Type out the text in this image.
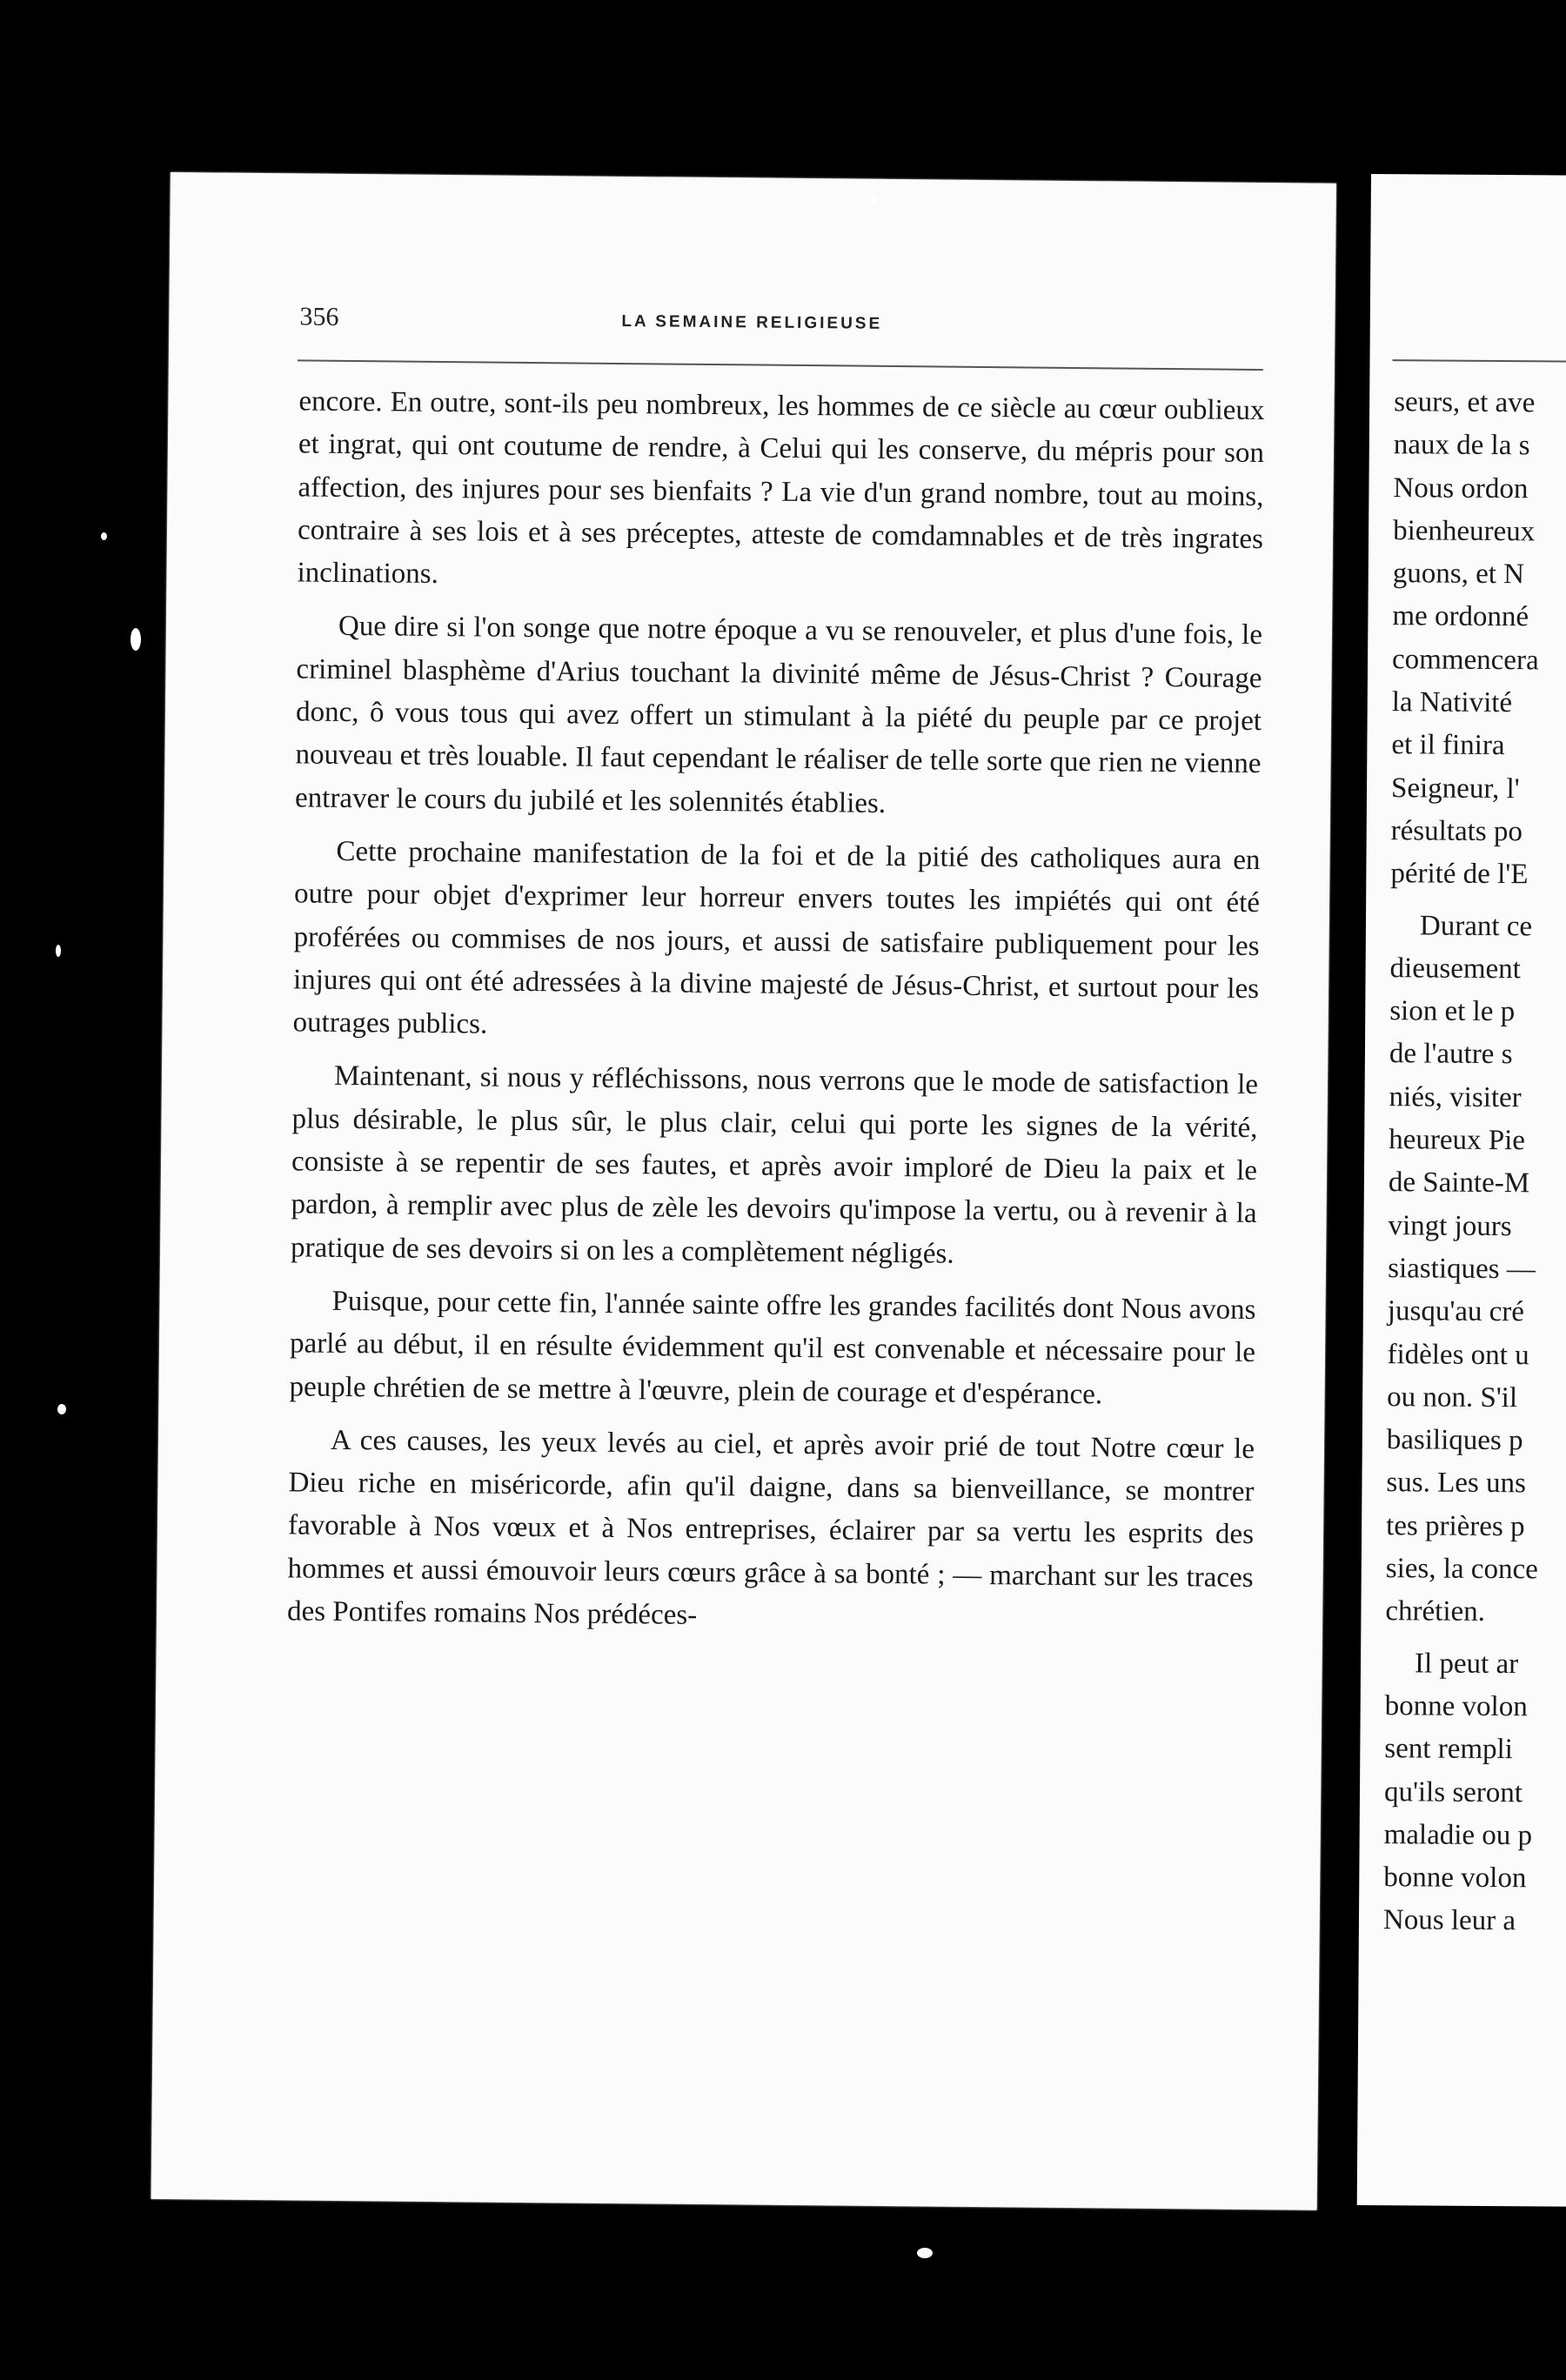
356	LA SEMAINE RELIGIEUSE

encore. En outre, sont-ils peu nombreux, les hommes de ce siècle au cœur oublieux et ingrat, qui ont coutume de rendre, à Celui qui les conserve, du mépris pour son affection, des injures pour ses bienfaits ? La vie d'un grand nombre, tout au moins, contraire à ses lois et à ses préceptes, atteste de comdamnables et de très ingrates inclinations.

Que dire si l'on songe que notre époque a vu se renouveler, et plus d'une fois, le criminel blasphème d'Arius touchant la divinité même de Jésus-Christ ? Courage donc, ô vous tous qui avez offert un stimulant à la piété du peuple par ce projet nouveau et très louable. Il faut cependant le réaliser de telle sorte que rien ne vienne entraver le cours du jubilé et les solennités établies.

Cette prochaine manifestation de la foi et de la pitié des catholiques aura en outre pour objet d'exprimer leur horreur envers toutes les impiétés qui ont été proférées ou commises de nos jours, et aussi de satisfaire publiquement pour les injures qui ont été adressées à la divine majesté de Jésus-Christ, et surtout pour les outrages publics.

Maintenant, si nous y réfléchissons, nous verrons que le mode de satisfaction le plus désirable, le plus sûr, le plus clair, celui qui porte les signes de la vérité, consiste à se repentir de ses fautes, et après avoir imploré de Dieu la paix et le pardon, à remplir avec plus de zèle les devoirs qu'impose la vertu, ou à revenir à la pratique de ses devoirs si on les a complètement négligés.

Puisque, pour cette fin, l'année sainte offre les grandes facilités dont Nous avons parlé au début, il en résulte évidemment qu'il est convenable et nécessaire pour le peuple chrétien de se mettre à l'œuvre, plein de courage et d'espérance.

A ces causes, les yeux levés au ciel, et après avoir prié de tout Notre cœur le Dieu riche en miséricorde, afin qu'il daigne, dans sa bienveillance, se montrer favorable à Nos vœux et à Nos entreprises, éclairer par sa vertu les esprits des hommes et aussi émouvoir leurs cœurs grâce à sa bonté ; — marchant sur les traces des Pontifes romains Nos prédéces-

seurs, et ave
naux de la s
Nous ordon
bienheureux
guons, et N
me ordonné
commencera
la Nativité
et il finira
Seigneur, l'
résultats po
périté de l'E
Durant ce
dieusement
sion et le p
de l'autre s
niés, visiter
heureux Pie
de Sainte-M
vingt jours
siastiques —
jusqu'au cré
fidèles ont u
ou non. S'il
basiliques p
sus. Les uns
tes prières p
sies, la conce
chrétien.
Il peut ar
bonne volon
sent rempli
qu'ils seront
maladie ou p
bonne volon
Nous leur a
